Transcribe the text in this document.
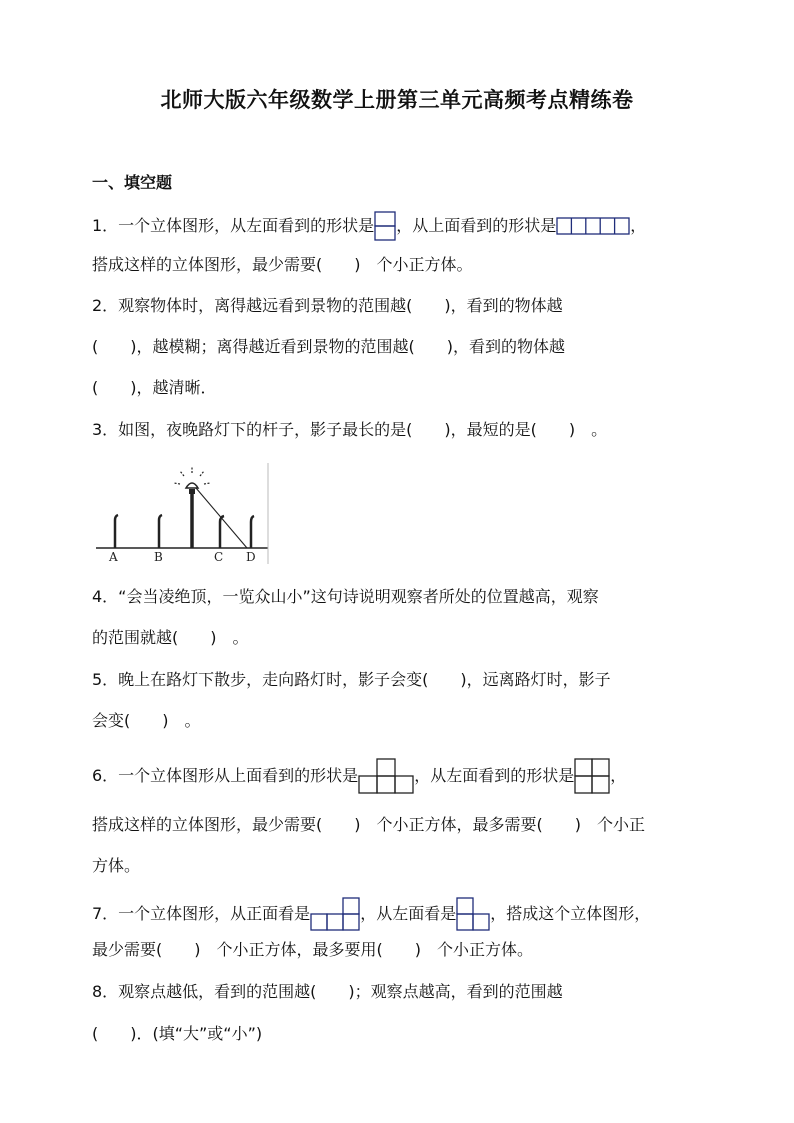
北师大版六年级数学上册第三单元高频考点精练卷
一、填空题
1．一个立体图形，从左面看到的形状是 ，从上面看到的形状是	，
搭成这样的立体图形，最少需要(　　)　个小正方体。
2．观察物体时，离得越远看到景物的范围越(　　)，看到的物体越
(　　)，越模糊；离得越近看到景物的范围越(　　)，看到的物体越
(　　)，越清晰．
3．如图，夜晚路灯下的杆子，影子最长的是(　　)，最短的是(　　)　。
A	B	C D
4．“会当凌绝顶，一览众山小”这句诗说明观察者所处的位置越高，观察
的范围就越(　　)　。
5．晚上在路灯下散步，走向路灯时，影子会变(　　)，远离路灯时，影子
会变(　　)　。
6．一个立体图形从上面看到的形状是	，从左面看到的形状是 ，
搭成这样的立体图形，最少需要(　　)　个小正方体，最多需要(　　)　个小正
方体。
7．一个立体图形，从正面看是	，从左面看是 ，搭成这个立体图形，
最少需要(　　)　个小正方体，最多要用(　　)　个小正方体。
8．观察点越低，看到的范围越(　　)；观察点越高，看到的范围越
(　　)．(填“大”或“小”)
